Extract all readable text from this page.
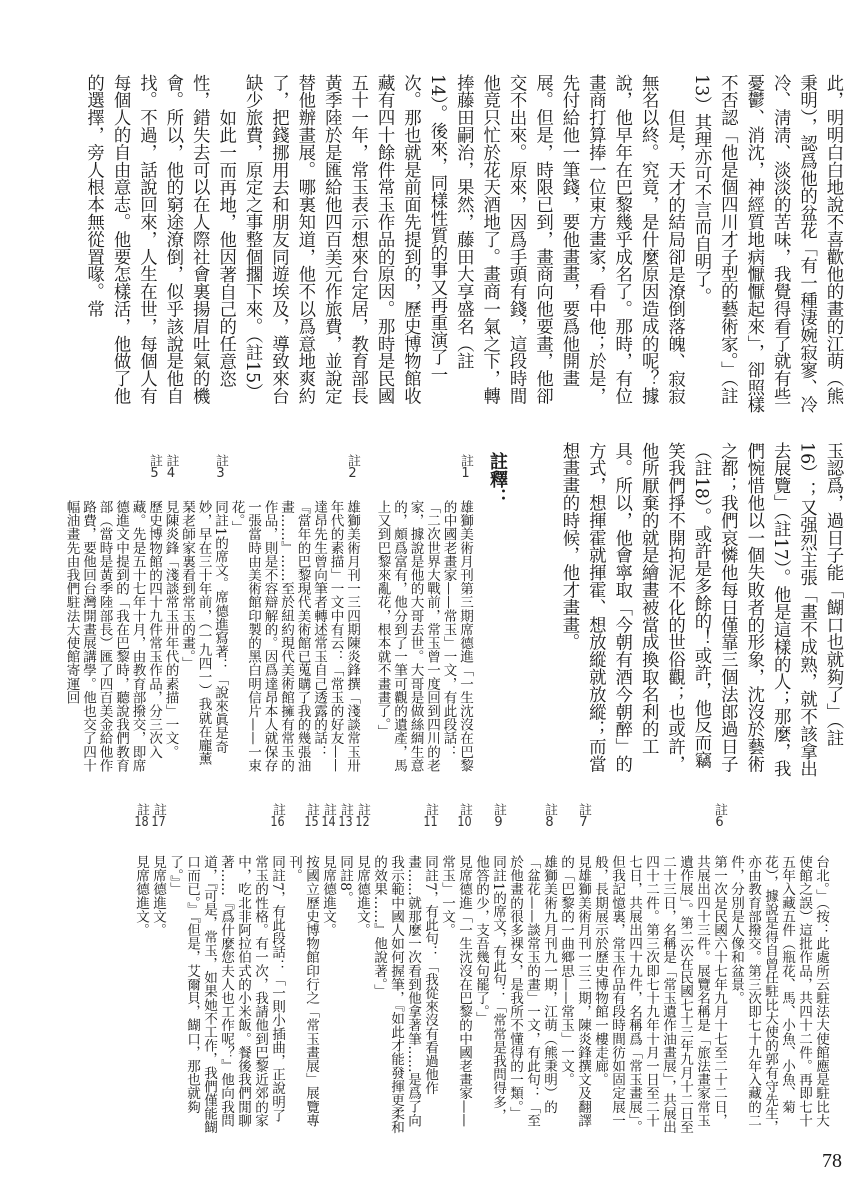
此，明明白白地說不喜歡他的畫的江萌（熊秉明），認爲他的盆花「有一種淒婉寂寥、冷冷、淸淸、淡淡的苦味，我覺得看了就有些憂鬱、消沈，神經質地病懨懨起來」，卻照樣不否認「他是個四川才子型的藝術家。」（註13）其理亦可不言而自明了。

但是，天才的結局卻是潦倒落魄、寂寂無名以終。究竟，是什麼原因造成的呢？據說，他早年在巴黎幾乎成名了。那時，有位畫商打算捧一位東方畫家，看中他；於是，先付給他一筆錢，要他畫畫，要爲他開畫展。但是，時限已到，畫商向他要畫，他卻交不出來。原來，因爲手頭有錢，這段時間他竟只忙於花天酒地了。畫商一氣之下，轉捧藤田嗣治，果然，藤田大享盛名（註14）。後來，同樣性質的事又再重演了一次。那也就是前面先提到的，歷史博物館收藏有四十餘件常玉作品的原因。那時是民國五十一年，常玉表示想來台定居，教育部長黃季陸於是匯給他四百美元作旅費，並說定替他辦畫展。哪裏知道，他不以爲意地爽約了，把錢挪用去和朋友同遊埃及，導致來台缺少旅費，原定之事整個擱下來。（註15）

如此一而再地，他因著自己的任意恣性，錯失去可以在人際社會裏揚眉吐氣的機會。所以，他的窮途潦倒，似乎該說是他自找。不過，話說回來，人生在世，每個人有每個人的自由意志。他要怎樣活，他做了他的選擇，旁人根本無從置喙。常

玉認爲，過日子能「餬口也就夠了」（註16）；又强烈主張「畫不成熟，就不該拿出去展覽」（註17）。他是這樣的人；那麼，我們惋惜他以一個失敗者的形象，沈沒於藝術之都；我們哀憐他每日僅靠三個法郎過日子（註18）。或許是多餘的！或許，他反而竊笑我們掙不開拘泥不化的世俗觀；也或許，他所厭棄的就是繪畫被當成換取名利的工具。所以，他會寧取「今朝有酒今朝醉」的方式，想揮霍就揮霍、想放縱就放縱；而當想畫畫的時候，他才畫畫。

註釋：
註1
雄獅美術月刊第三期席德進「一生沈沒在巴黎的中國老畫家——常玉」一文，有此段話：「二次世界大戰前，常玉曾一度回到四川的老家，據說是他的大哥去世。大哥是做絲綢生意的，頗爲富有，他分到了一筆可觀的遺產，馬上又到巴黎來亂花，根本就不畫畫了。」
註2
雄獅美術月刊一三四期陳炎鋒撰「淺談常玉卅年代的素描」一文中有云：「常玉的好友——達昂先生曾向筆者轉述常玉自己透露的話：『當年的巴黎現代美術館已蒐購了我的幾張油畫……』……至於紐約現代美術館擁有常玉的作品，則是不容辯解的。因爲達昂本人就保存一張當時由美術館印製的黑白明信片——一束花。」
註3
同註1的席文。席德進寫著：「說來眞是奇妙，早在三十年前，（一九四一）我就在龐薰琹老師家裏看到常玉的畫。」
註4
見陳炎鋒「淺談常玉卅年代的素描」一文。
註5
歷史博物館的四十九件常玉作品，分三次入藏。先是五十七年十月，由教育部撥交，即席德進文中提到的「我在巴黎時，聽說我們教育部（當時是黃季陸部長）匯了四百美金給他作路費，要他回台灣開畫展講學。他也交了四十幅油畫先由我們駐法大使館寄運回
台北。」（按：此處所云駐法大使館應是駐比大使館之誤）這批作品，共四十二件。再即七十五年入藏五件（瓶花、馬、小魚、小魚、菊花），據說是得自曾任駐比大使的郭有守先生，亦由教育部撥交。第三次即七十九年入藏的二件，分別是人像和盆景。
註6
第一次是民國六十七年九月十七至二十二日，共展出四十三件。展覽名稱是「旅法畫家常玉遺作展」。第二次在民國七十三年九月十二日至二十三日，名稱是「常玉遺作油畫展」，共展出四十二件。第三次即七十九年十月一日至二十七日，共展出四十九件，名稱爲「常玉畫展」。但我記憶裏，常玉作品有段時間彷如固定展一般，長期展示於歷史博物館一樓走廊。
註7
見雄獅美術月刊一三二期，陳炎鋒撰文及翻譯的「巴黎的一曲鄉思——常玉」一文。
註8
雄獅美術九月刊九一期，江萌（熊秉明）的「盆花——談常玉的畫」一文，有此句：「至於他畫的很多裸女，是我所不懂得的一類。」
註9
同註1的席文，有此句：「常常是我問得多，他答的少，支吾幾句罷了。」
註10
見席德進「一生沈沒在巴黎的中國老畫家——常玉」一文。
註11
同註7，有此句：「我從來沒有看過他作畫……就那麼一次看到他拿著筆……是爲了向我示範中國人如何握筆，『如此才能發揮更柔和的效果……』他說著。」
註12
見席德進文。
註13
同註8。
註14
見席德進文。
註15
按國立歷史博物館印行之「常玉畫展」展覽專刊。
註16
同註7，有此段話：「一則小插曲，正說明了常玉的性格。有一次，我請他到巴黎近郊的家中，吃北非阿拉伯式的小米飯。餐後我們閒聊著……『爲什麼您夫人也工作呢？』他向我問道，『可是，常玉，如果她不工作，我們僅能餬口而已。』『但是，艾爾貝，餬口，那也就夠了。』」
註17
見席德進文。
註18
見席德進文。
78
